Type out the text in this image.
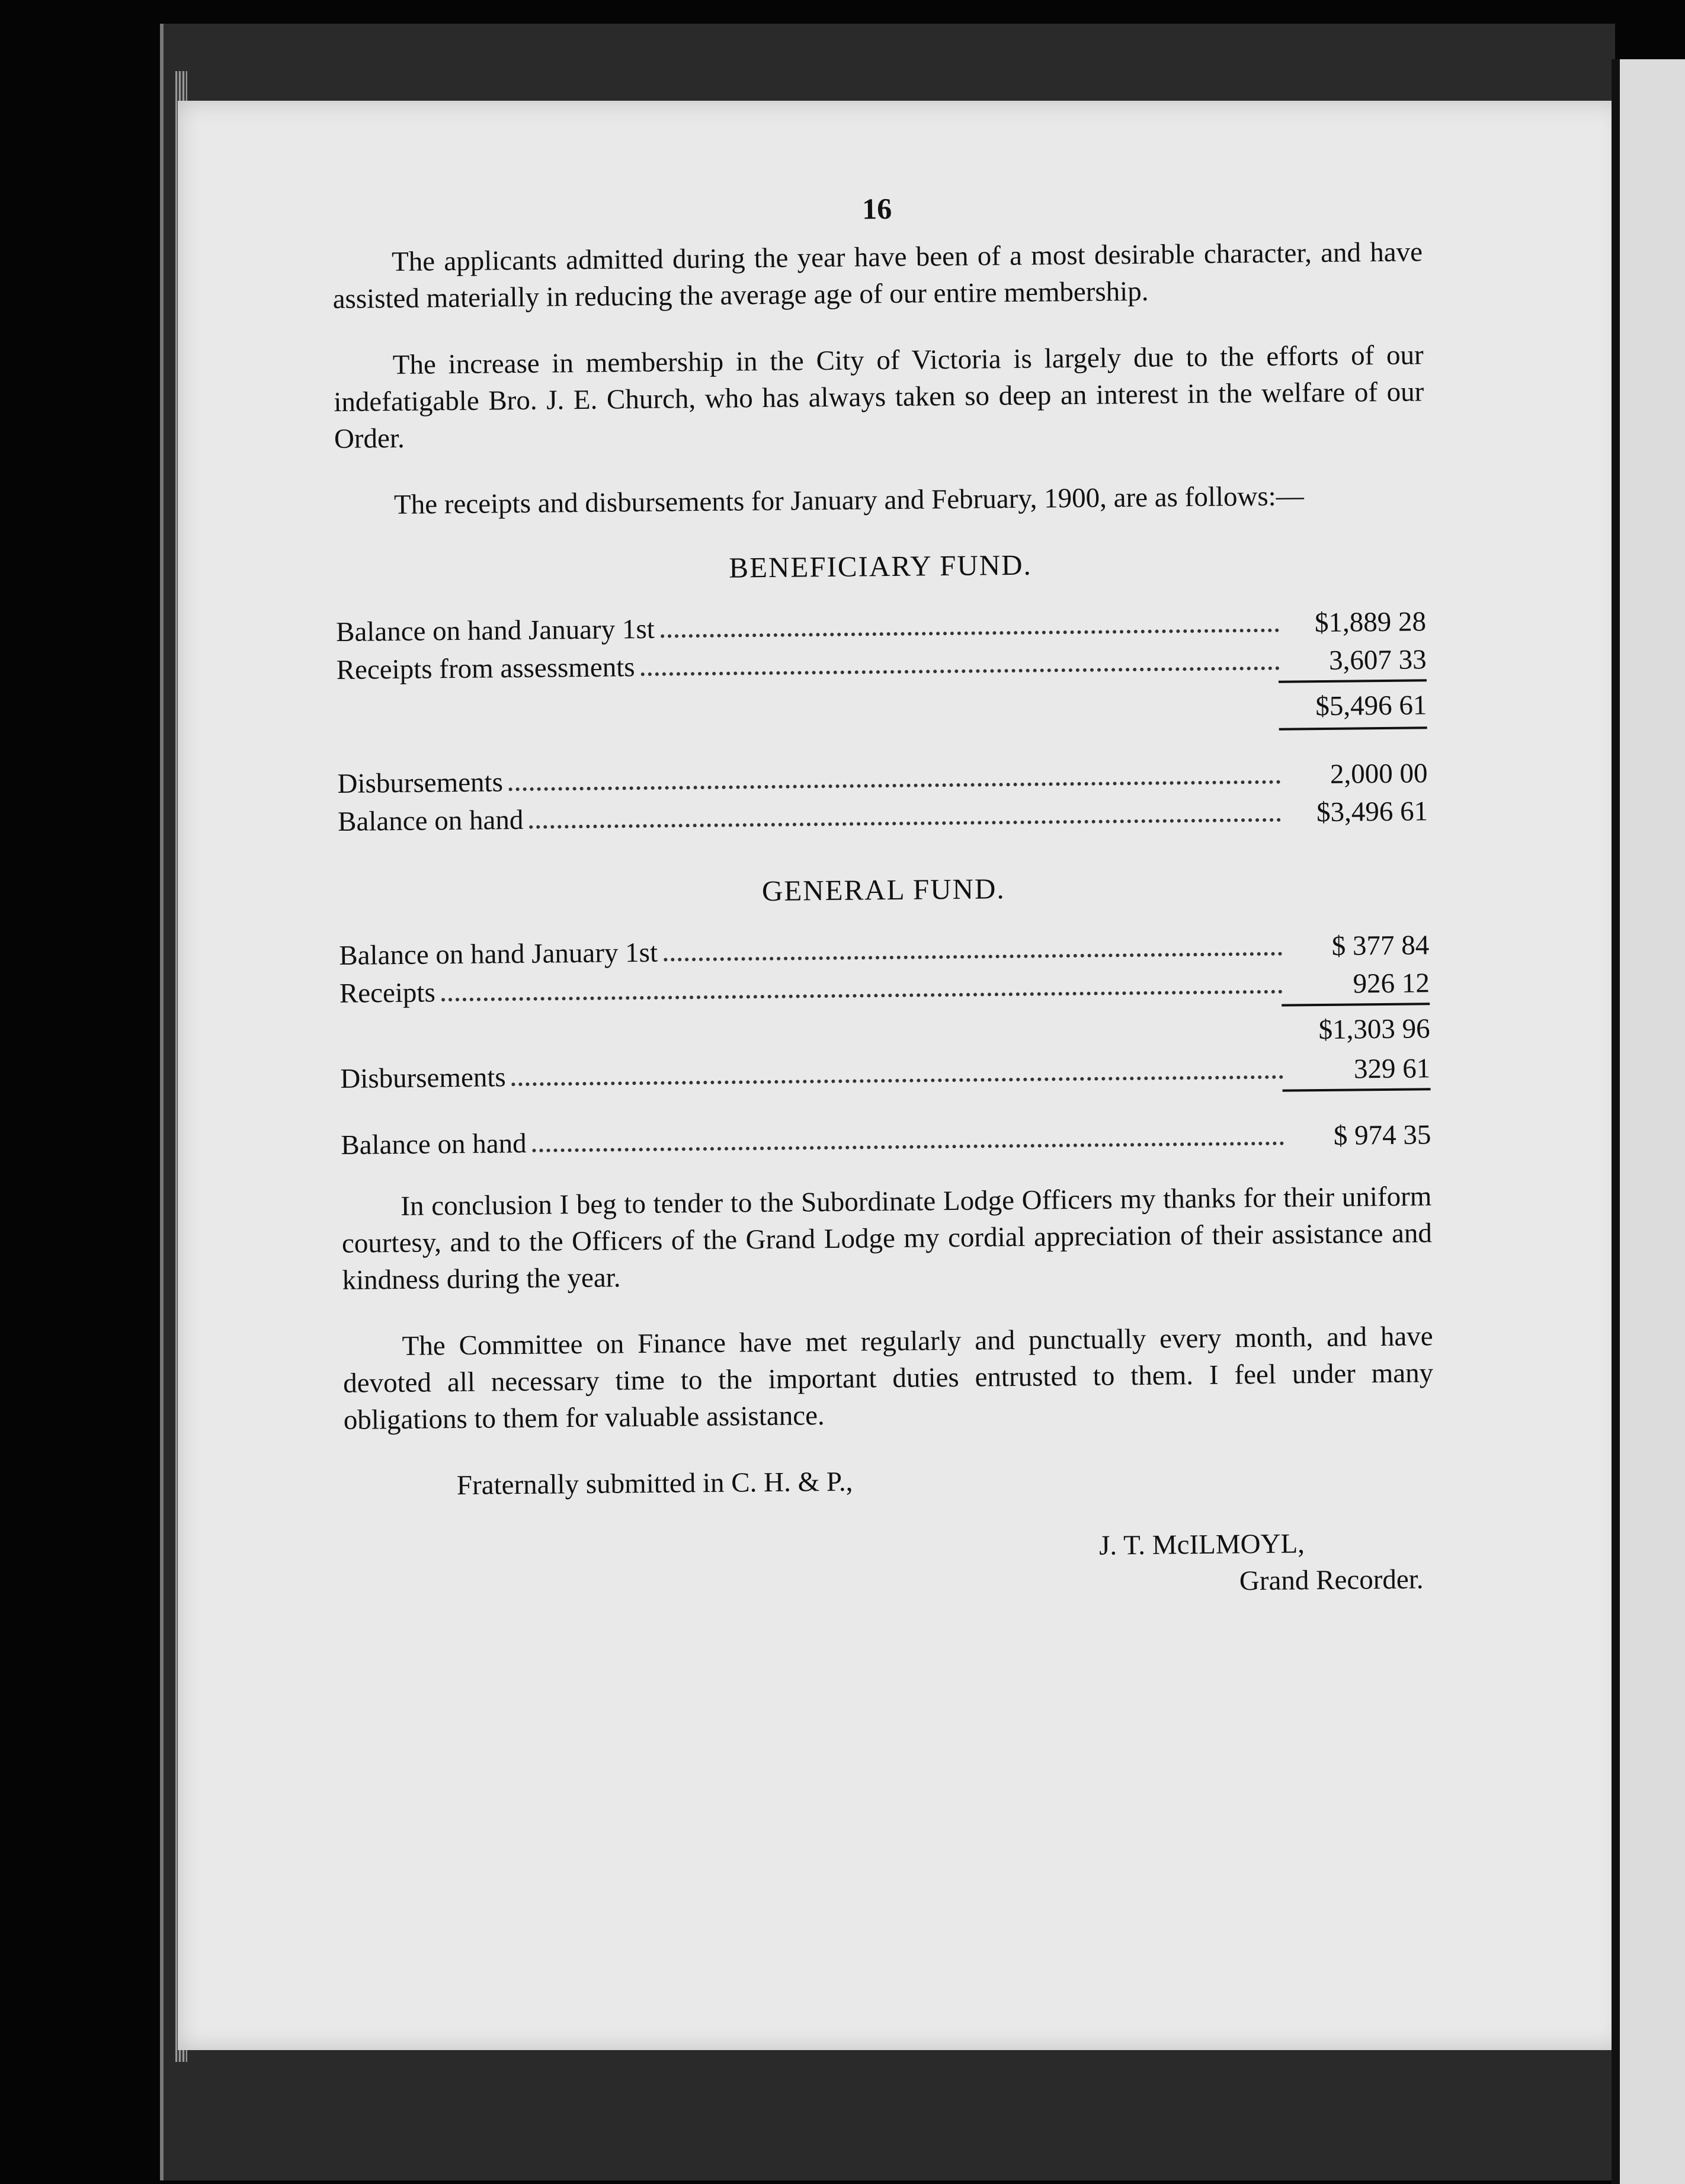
16

The applicants admitted during the year have been of a most desirable character, and have assisted materially in reducing the average age of our entire membership.

The increase in membership in the City of Victoria is largely due to the efforts of our indefatigable Bro. J. E. Church, who has always taken so deep an interest in the welfare of our Order.

The receipts and disbursements for January and February, 1900, are as follows:—

BENEFICIARY FUND.
Balance on hand January 1st	$1,889 28
Receipts from assessments	3,607 33
$5,496 61
Disbursements	2,000 00
Balance on hand	$3,496 61
GENERAL FUND.
Balance on hand January 1st	$ 377 84
Receipts	926 12
$1,303 96
Disbursements	329 61
Balance on hand	$ 974 35

In conclusion I beg to tender to the Subordinate Lodge Officers my thanks for their uniform courtesy, and to the Officers of the Grand Lodge my cordial appreciation of their assistance and kindness during the year.

The Committee on Finance have met regularly and punctually every month, and have devoted all necessary time to the important duties entrusted to them. I feel under many obligations to them for valuable assistance.

Fraternally submitted in C. H. & P.,

J. T. McILMOYL,
Grand Recorder.
